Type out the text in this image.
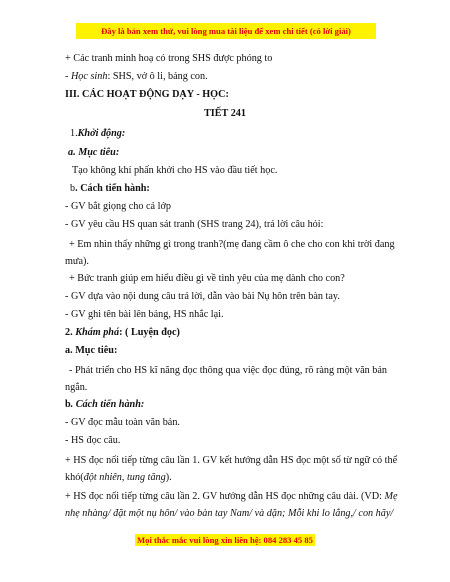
Đây là bản xem thử, vui lòng mua tài liệu để xem chi tiết (có lời giải)
+ Các tranh minh hoạ có trong SHS được phóng to
- Học sinh: SHS, vở ô li, bảng con.
III. CÁC HOẠT ĐỘNG DẠY - HỌC:
TIẾT 241
1.Khởi động:
a. Mục tiêu:
Tạo không khí phấn khởi cho HS vào đầu tiết học.
b. Cách tiến hành:
- GV bắt giọng cho cả lớp
- GV yêu cầu HS quan sát tranh (SHS trang 24), trả lời câu hỏi:
+ Em nhìn thấy những gì trong tranh?(mẹ đang cầm ô che cho con khi trời đang mưa).
+ Bức tranh giúp em hiểu điều gì về tình yêu của mẹ dành cho con?
- GV dựa vào nội dung câu trả lời, dẫn vào bài Nụ hôn trên bàn tay.
- GV ghi tên bài lên bảng, HS nhắc lại.
2. Khám phá: ( Luyện đọc)
a. Mục tiêu:
- Phát triển cho HS kĩ năng đọc thông qua việc đọc đúng, rõ ràng một văn bản ngắn.
b. Cách tiến hành:
- GV đọc mẫu toàn văn bản.
- HS đọc câu.
+ HS đọc nối tiếp từng câu lần 1. GV kết hướng dẫn HS đọc một số từ ngữ có thể khó(đột nhiên, tung tăng).
+ HS đọc nối tiếp từng câu lần 2. GV hướng dẫn HS đọc những câu dài. (VD: Mẹ nhẹ nhàng/ đặt một nụ hôn/ vào bàn tay Nam/ và dặn; Mỗi khi lo lắng,/ con hãy/
Mọi thắc mắc vui lòng xin liên hệ: 084 283 45 85
